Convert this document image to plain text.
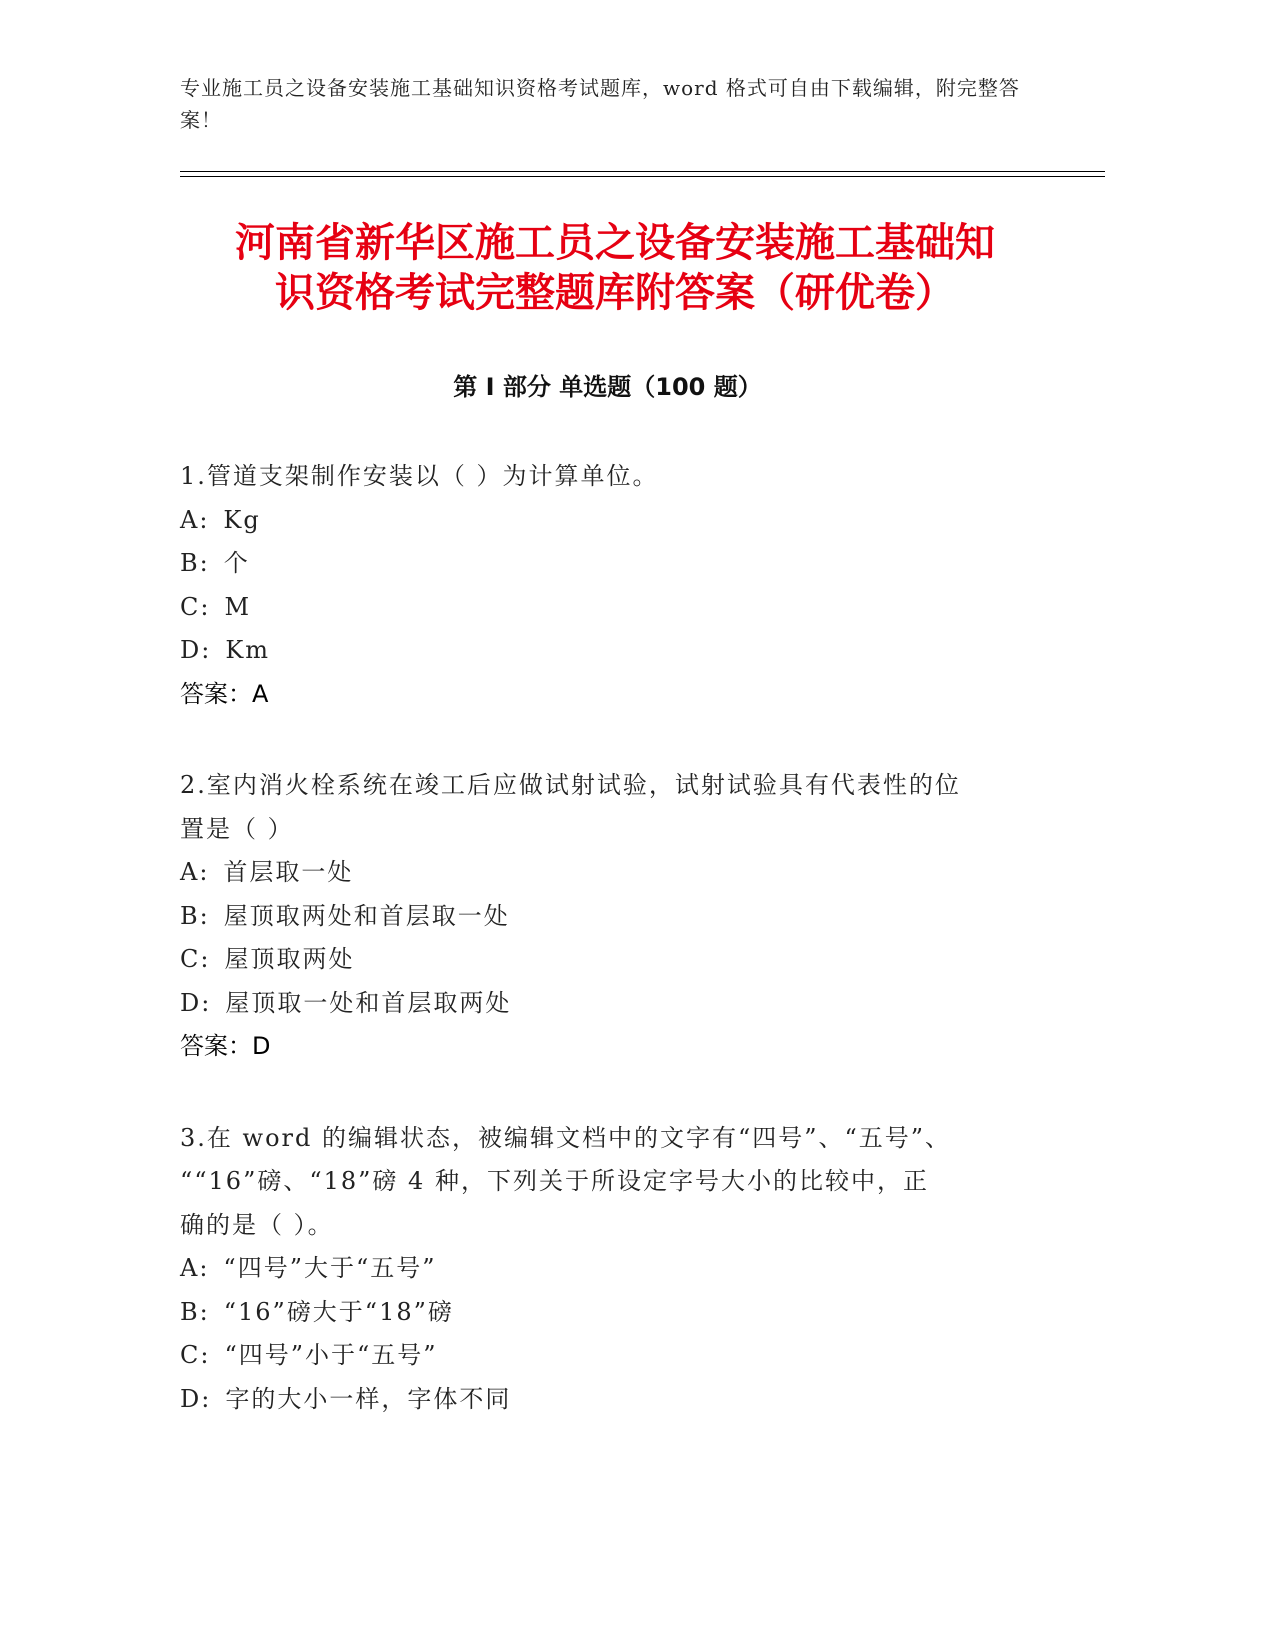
专业施工员之设备安装施工基础知识资格考试题库，word 格式可自由下载编辑，附完整答案！
河南省新华区施工员之设备安装施工基础知
识资格考试完整题库附答案（研优卷）
第 I 部分 单选题（100 题）

1.管道支架制作安装以（ ）为计算单位。

A: Kg

B: 个

C: M

D: Km

答案：A

2.室内消火栓系统在竣工后应做试射试验，试射试验具有代表性的位

置是（ ）

A: 首层取一处

B: 屋顶取两处和首层取一处

C: 屋顶取两处

D: 屋顶取一处和首层取两处

答案：D

3.在 word 的编辑状态，被编辑文档中的文字有“四号”、“五号”、

““16”磅、“18”磅 4 种，下列关于所设定字号大小的比较中，正

确的是（ ）。

A: “四号”大于“五号”

B: “16”磅大于“18”磅

C: “四号”小于“五号”

D: 字的大小一样，字体不同
